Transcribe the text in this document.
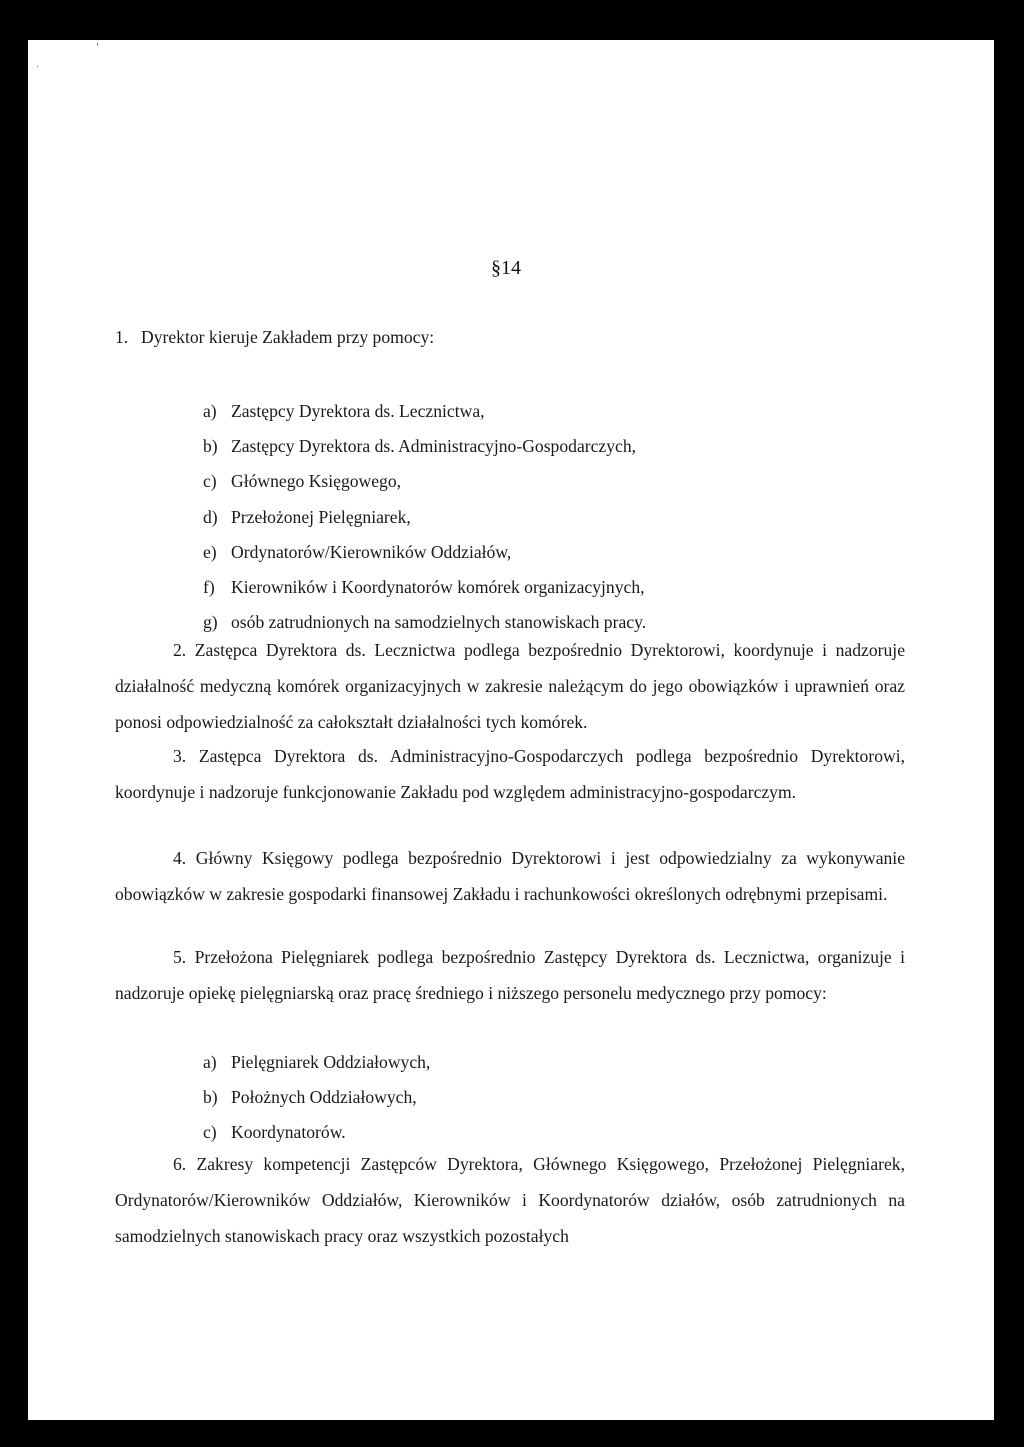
·
'
§14
1. Dyrektor kieruje Zakładem przy pomocy:
a) Zastępcy Dyrektora ds. Lecznictwa,
b) Zastępcy Dyrektora ds. Administracyjno-Gospodarczych,
c) Głównego Księgowego,
d) Przełożonej Pielęgniarek,
e) Ordynatorów/Kierowników Oddziałów,
f) Kierowników i Koordynatorów komórek organizacyjnych,
g) osób zatrudnionych na samodzielnych stanowiskach pracy.
2. Zastępca Dyrektora ds. Lecznictwa podlega bezpośrednio Dyrektorowi, koordynuje i nadzoruje działalność medyczną komórek organizacyjnych w zakresie należącym do jego obowiązków i uprawnień oraz ponosi odpowiedzialność za całokształt działalności tych komórek.
3. Zastępca Dyrektora ds. Administracyjno-Gospodarczych podlega bezpośrednio Dyrektorowi, koordynuje i nadzoruje funkcjonowanie Zakładu pod względem administracyjno-gospodarczym.
4. Główny Księgowy podlega bezpośrednio Dyrektorowi i jest odpowiedzialny za wykonywanie obowiązków w zakresie gospodarki finansowej Zakładu i rachunkowości określonych odrębnymi przepisami.
5. Przełożona Pielęgniarek podlega bezpośrednio Zastępcy Dyrektora ds. Lecznictwa, organizuje i nadzoruje opiekę pielęgniarską oraz pracę średniego i niższego personelu medycznego przy pomocy:
a) Pielęgniarek Oddziałowych,
b) Położnych Oddziałowych,
c) Koordynatorów.
6. Zakresy kompetencji Zastępców Dyrektora, Głównego Księgowego, Przełożonej Pielęgniarek, Ordynatorów/Kierowników Oddziałów, Kierowników i Koordynatorów działów, osób zatrudnionych na samodzielnych stanowiskach pracy oraz wszystkich pozostałych
